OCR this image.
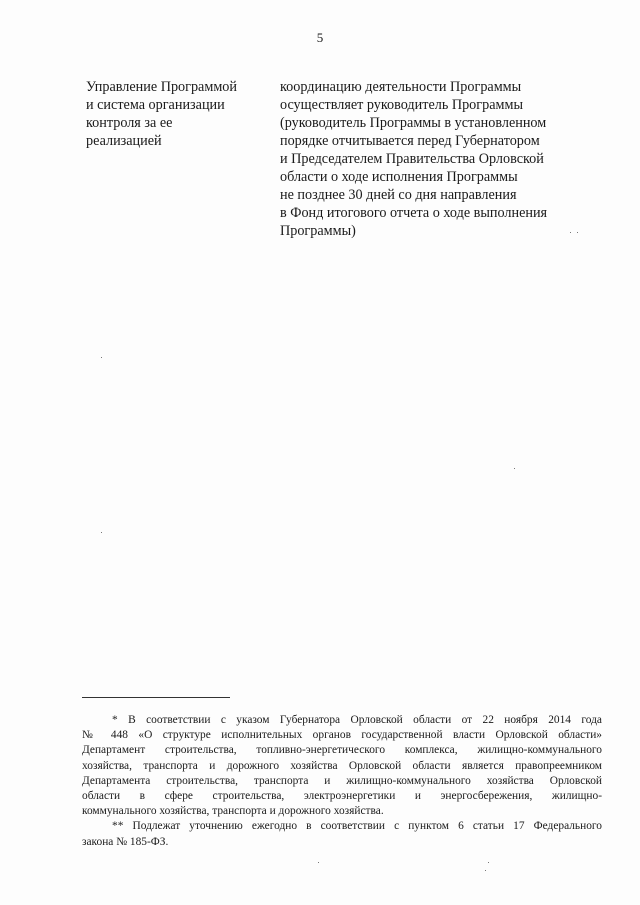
5
Управление Программой
и система организации
контроля за ее
реализацией
координацию деятельности Программы
осуществляет руководитель Программы
(руководитель Программы в установленном
порядке отчитывается перед Губернатором
и Председателем Правительства Орловской
области о ходе исполнения Программы
не позднее 30 дней со дня направления
в Фонд итогового отчета о ходе выполнения
Программы)
* В соответствии с указом Губернатора Орловской области от 22 ноября 2014 года
№ 448 «О структуре исполнительных органов государственной власти Орловской области»
Департамент строительства, топливно-энергетического комплекса, жилищно-коммунального
хозяйства, транспорта и дорожного хозяйства Орловской области является правопреемником
Департамента строительства, транспорта и жилищно-коммунального хозяйства Орловской
области в сфере строительства, электроэнергетики и энергосбережения, жилищно-
коммунального хозяйства, транспорта и дорожного хозяйства.
** Подлежат уточнению ежегодно в соответствии с пунктом 6 статьи 17 Федерального
закона № 185-ФЗ.
